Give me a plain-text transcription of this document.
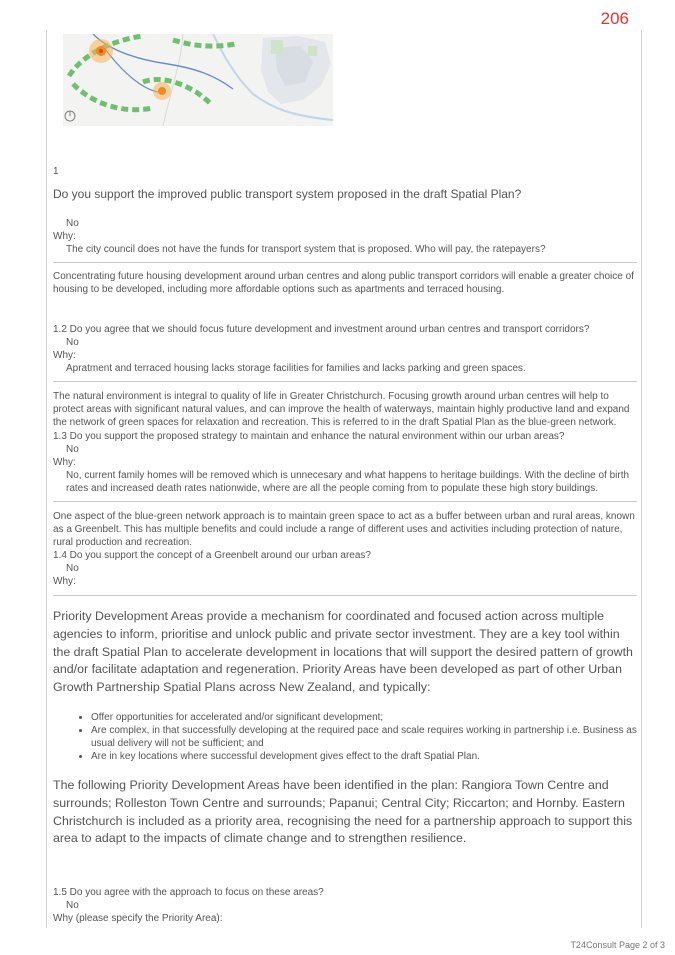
206
1
Do you support the improved public transport system proposed in the draft Spatial Plan?
No
Why:
The city council does not have the funds for transport system that is proposed. Who will pay, the ratepayers?
Concentrating future housing development around urban centres and along public transport corridors will enable a greater choice of housing to be developed, including more affordable options such as apartments and terraced housing.
1.2 Do you agree that we should focus future development and investment around urban centres and transport corridors?
No
Why:
Apratment and terraced housing lacks storage facilities for families and lacks parking and green spaces.
The natural environment is integral to quality of life in Greater Christchurch. Focusing growth around urban centres will help to protect areas with significant natural values, and can improve the health of waterways, maintain highly productive land and expand the network of green spaces for relaxation and recreation. This is referred to in the draft Spatial Plan as the blue-green network.
1.3 Do you support the proposed strategy to maintain and enhance the natural environment within our urban areas?
No
Why:
No, current family homes will be removed which is unnecesary and what happens to heritage buildings. With the decline of birth rates and increased death rates nationwide, where are all the people coming from to populate these high story buildings.
One aspect of the blue-green network approach is to maintain green space to act as a buffer between urban and rural areas, known as a Greenbelt. This has multiple benefits and could include a range of different uses and activities including protection of nature, rural production and recreation.
1.4 Do you support the concept of a Greenbelt around our urban areas?
No
Why:
Priority Development Areas provide a mechanism for coordinated and focused action across multiple agencies to inform, prioritise and unlock public and private sector investment. They are a key tool within the draft Spatial Plan to accelerate development in locations that will support the desired pattern of growth and/or facilitate adaptation and regeneration. Priority Areas have been developed as part of other Urban Growth Partnership Spatial Plans across New Zealand, and typically:
• Offer opportunities for accelerated and/or significant development;
• Are complex, in that successfully developing at the required pace and scale requires working in partnership i.e. Business as usual delivery will not be sufficient; and
• Are in key locations where successful development gives effect to the draft Spatial Plan.
The following Priority Development Areas have been identified in the plan: Rangiora Town Centre and surrounds; Rolleston Town Centre and surrounds; Papanui; Central City; Riccarton; and Hornby. Eastern Christchurch is included as a priority area, recognising the need for a partnership approach to support this area to adapt to the impacts of climate change and to strengthen resilience.
1.5 Do you agree with the approach to focus on these areas?
No
Why (please specify the Priority Area):
T24Consult Page 2 of 3
